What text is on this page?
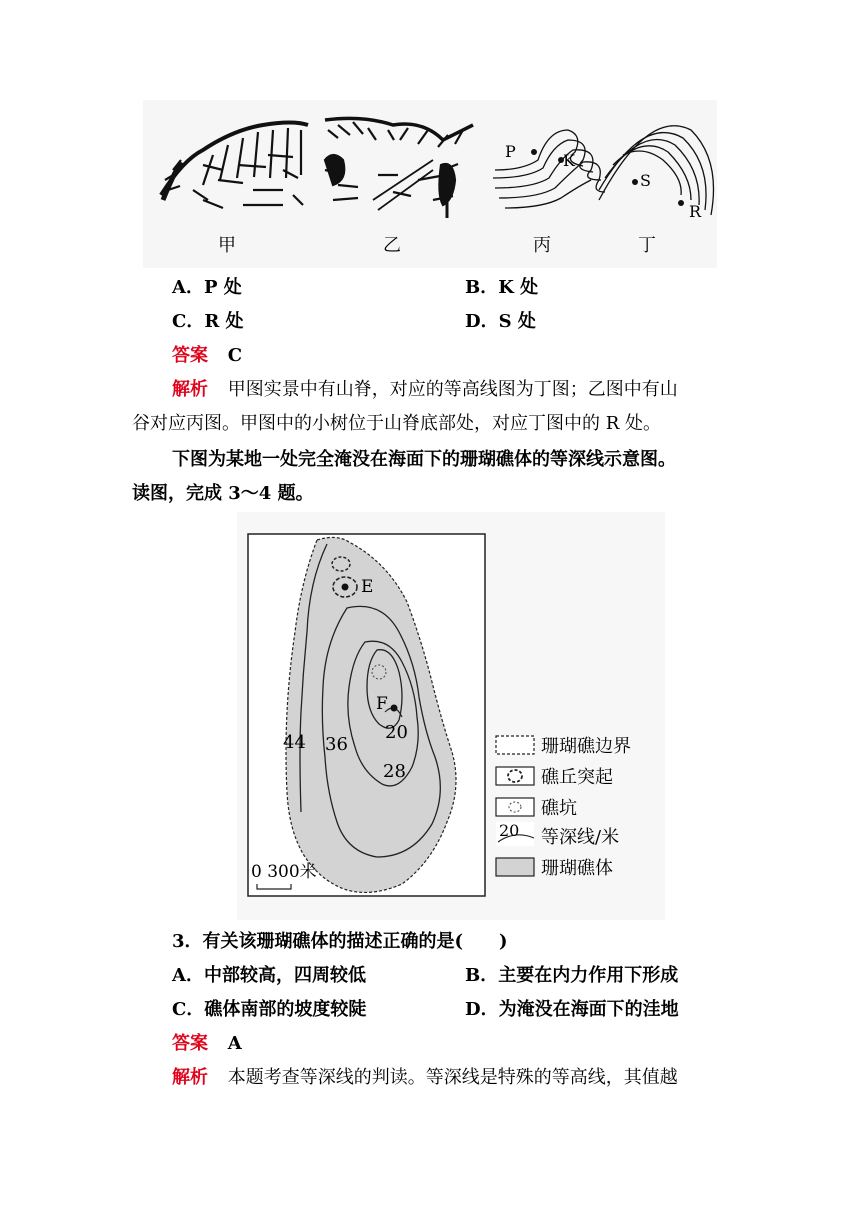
P	K
S
R
甲	乙	丙	丁
A．P 处	B．K 处
C．R 处	D．S 处
答案 C
解析 甲图实景中有山脊，对应的等高线图为丁图；乙图中有山
谷对应丙图。甲图中的小树位于山脊底部处，对应丁图中的 R 处。
下图为某地一处完全淹没在海面下的珊瑚礁体的等深线示意图。
读图，完成 3～4 题。
E
F
44 36
28
20
0 300米
珊瑚礁边界
礁丘突起
礁坑
20 等深线/米
珊瑚礁体
3．有关该珊瑚礁体的描述正确的是(　　)
A．中部较高，四周较低	B．主要在内力作用下形成
C．礁体南部的坡度较陡	D．为淹没在海面下的洼地
答案 A
解析 本题考查等深线的判读。等深线是特殊的等高线，其值越
